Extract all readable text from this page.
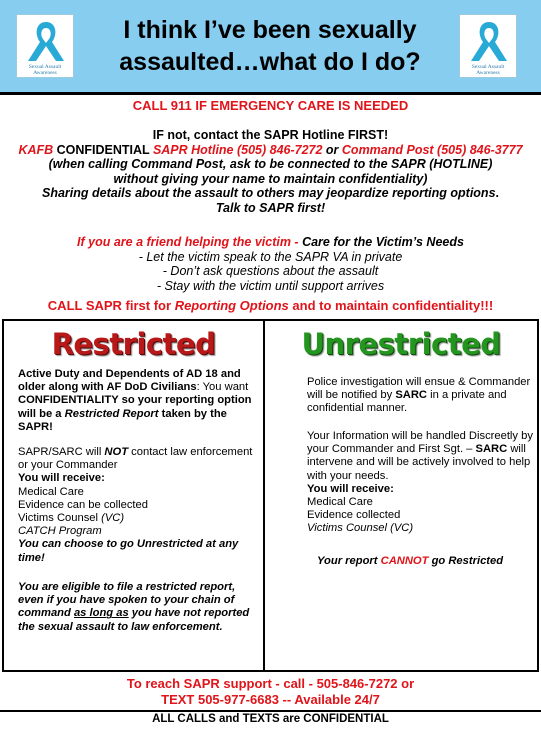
Sexual Assault Awareness
I think I’ve been sexually
assaulted…what do I do?	Sexual Assault Awareness
CALL 911 IF EMERGENCY CARE IS NEEDED
IF not, contact the SAPR Hotline FIRST!
KAFB CONFIDENTIAL SAPR Hotline (505) 846-7272 or Command Post (505) 846-3777
(when calling Command Post, ask to be connected to the SAPR (HOTLINE)
without giving your name to maintain confidentiality)
Sharing details about the assault to others may jeopardize reporting options.
Talk to SAPR first!
If you are a friend helping the victim - Care for the Victim’s Needs
- Let the victim speak to the SAPR VA in private
- Don’t ask questions about the assault
- Stay with the victim until support arrives
CALL SAPR first for Reporting Options and to maintain confidentiality!!!
Restricted
Active Duty and Dependents of AD 18 and older along with AF DoD Civilians: You want CONFIDENTIALITY so your reporting option will be a Restricted Report taken by the SAPR!
SAPR/SARC will NOT contact law enforcement or your Commander
You will receive:
Medical Care
Evidence can be collected
Victims Counsel (VC)
CATCH Program
You can choose to go Unrestricted at any time!
You are eligible to file a restricted report, even if you have spoken to your chain of command as long as you have not reported the sexual assault to law enforcement.
Unrestricted
Police investigation will ensue & Commander will be notified by SARC in a private and confidential manner.
Your Information will be handled Discreetly by your Commander and First Sgt. – SARC will intervene and will be actively involved to help with your needs.
You will receive:
Medical Care
Evidence collected
Victims Counsel (VC)
Your report CANNOT go Restricted
To reach SAPR support - call - 505-846-7272 or
TEXT 505-977-6683 -- Available 24/7
ALL CALLS and TEXTS are CONFIDENTIAL
